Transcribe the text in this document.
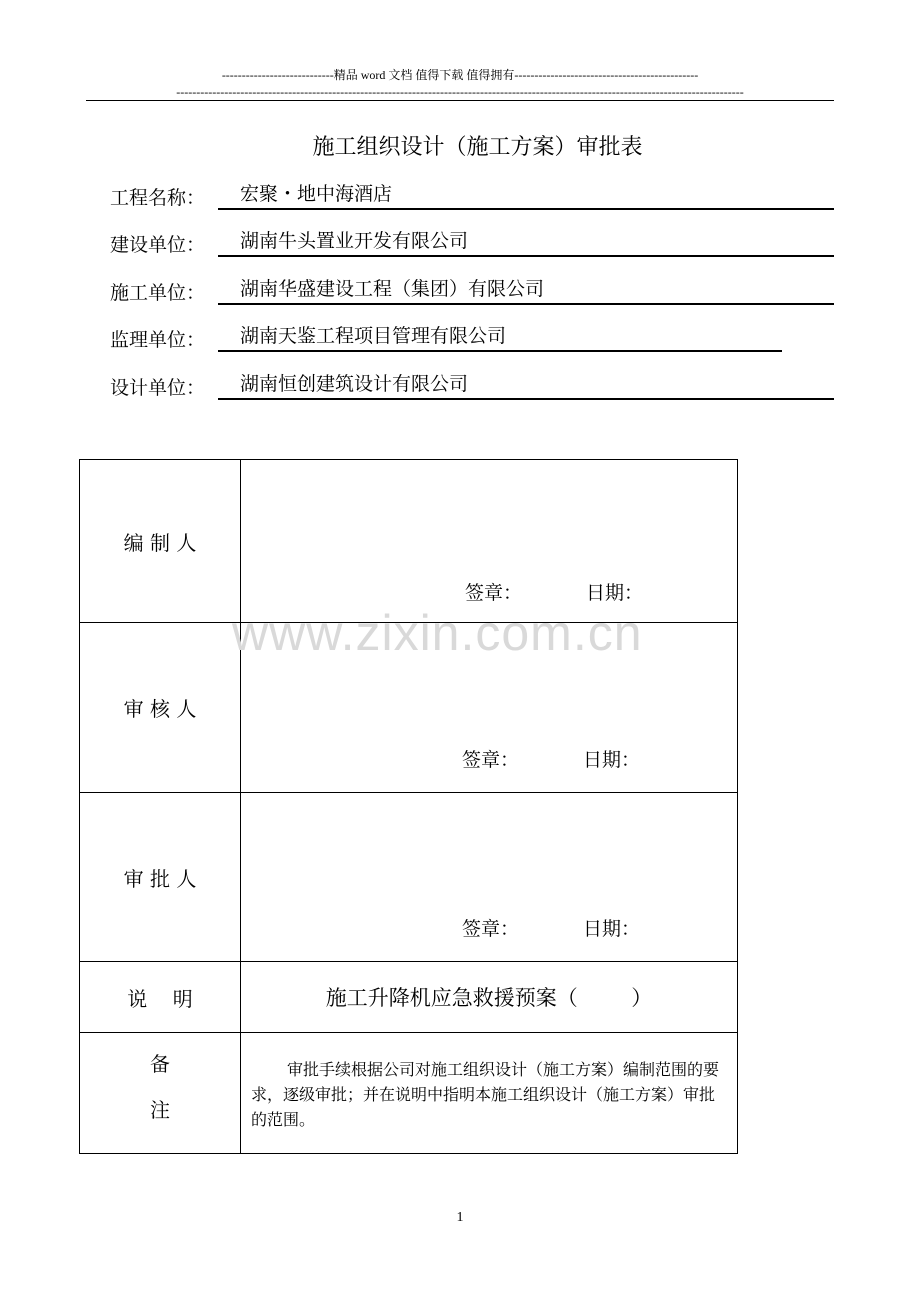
----------------------------精品 word 文档 值得下载 值得拥有----------------------------------------------
----------------------------------------------------------------------------------------------------------------------------------------------
施工组织设计（施工方案）审批表
工程名称：	宏聚・地中海酒店
建设单位：	湖南牛头置业开发有限公司
施工单位：	湖南华盛建设工程（集团）有限公司
监理单位：	湖南天鉴工程项目管理有限公司
设计单位：	湖南恒创建筑设计有限公司
编 制 人	签章： 日期：

审 核 人	签章： 日期：

审 批 人	签章： 日期：

说    明	施工升降机应急救援预案（        ）

备
注	审批手续根据公司对施工组织设计（施工方案）编制范围的要求，逐级审批；并在说明中指明本施工组织设计（施工方案）审批的范围。
www.zixin.com.cn
1
